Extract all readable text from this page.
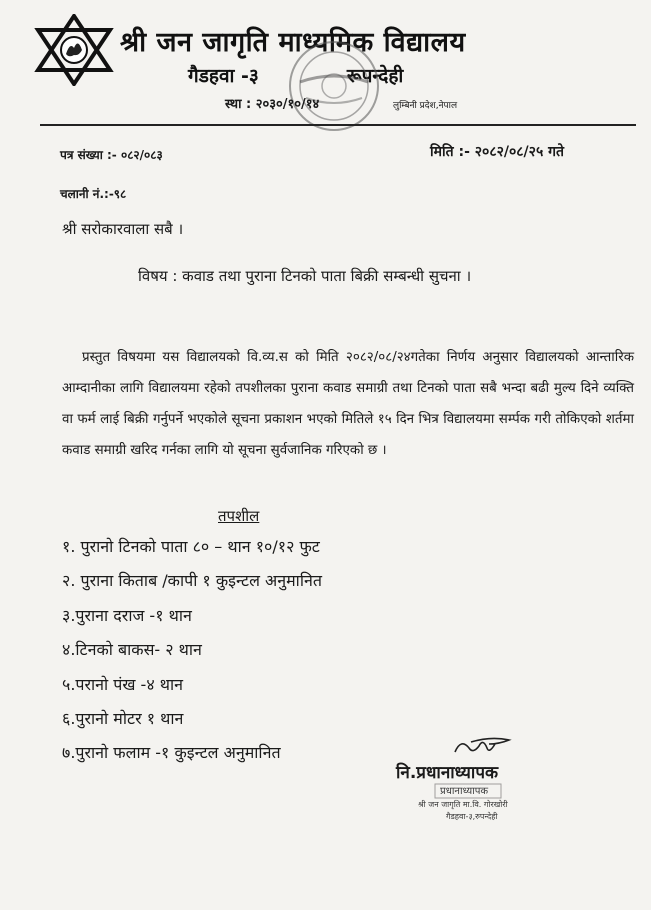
श्री जन जागृति माध्यमिक विद्यालय
गैडहवा -३	रूपन्देही
स्था : २०३०/१०/१४	लुम्बिनी प्रदेश,नेपाल
पत्र संख्या :- ०८२/०८३	मिति :- २०८२/०८/२५ गते
चलानी नं.:-९८
श्री सरोकारवाला सबै ।
विषय : कवाड तथा पुराना टिनको पाता बिक्री सम्बन्धी सुचना ।

प्रस्तुत विषयमा यस विद्यालयको वि.व्य.स को मिति २०८२/०८/२४गतेका निर्णय अनुसार विद्यालयको आन्तारिक आम्दानीका लागि विद्यालयमा रहेको तपशीलका पुराना कवाड समाग्री तथा टिनको पाता सबै भन्दा बढी मुल्य दिने व्यक्ति वा फर्म लाई बिक्री गर्नुपर्ने भएकोले सूचना प्रकाशन भएको मितिले १५ दिन भित्र विद्यालयमा सर्म्पक गरी तोकिएको शर्तमा कवाड समाग्री खरिद गर्नका लागि यो सूचना सुर्वजानिक गरिएको छ ।

तपशील
१. पुरानो टिनको पाता ८० – थान १०/१२ फुट
२. पुराना किताब /कापी १ कुइन्टल अनुमानित
३.पुराना दराज -१ थान
४.टिनको बाकस- २ थान
५.परानो पंख -४ थान
६.पुरानो मोटर १ थान
७.पुरानो फलाम -१ कुइन्टल अनुमानित
नि.प्रधानाध्यापक
प्रधानाध्यापक
श्री जन जागृति मा.वि. गोरखोरी
गैडहवा-३,रुपन्देही
